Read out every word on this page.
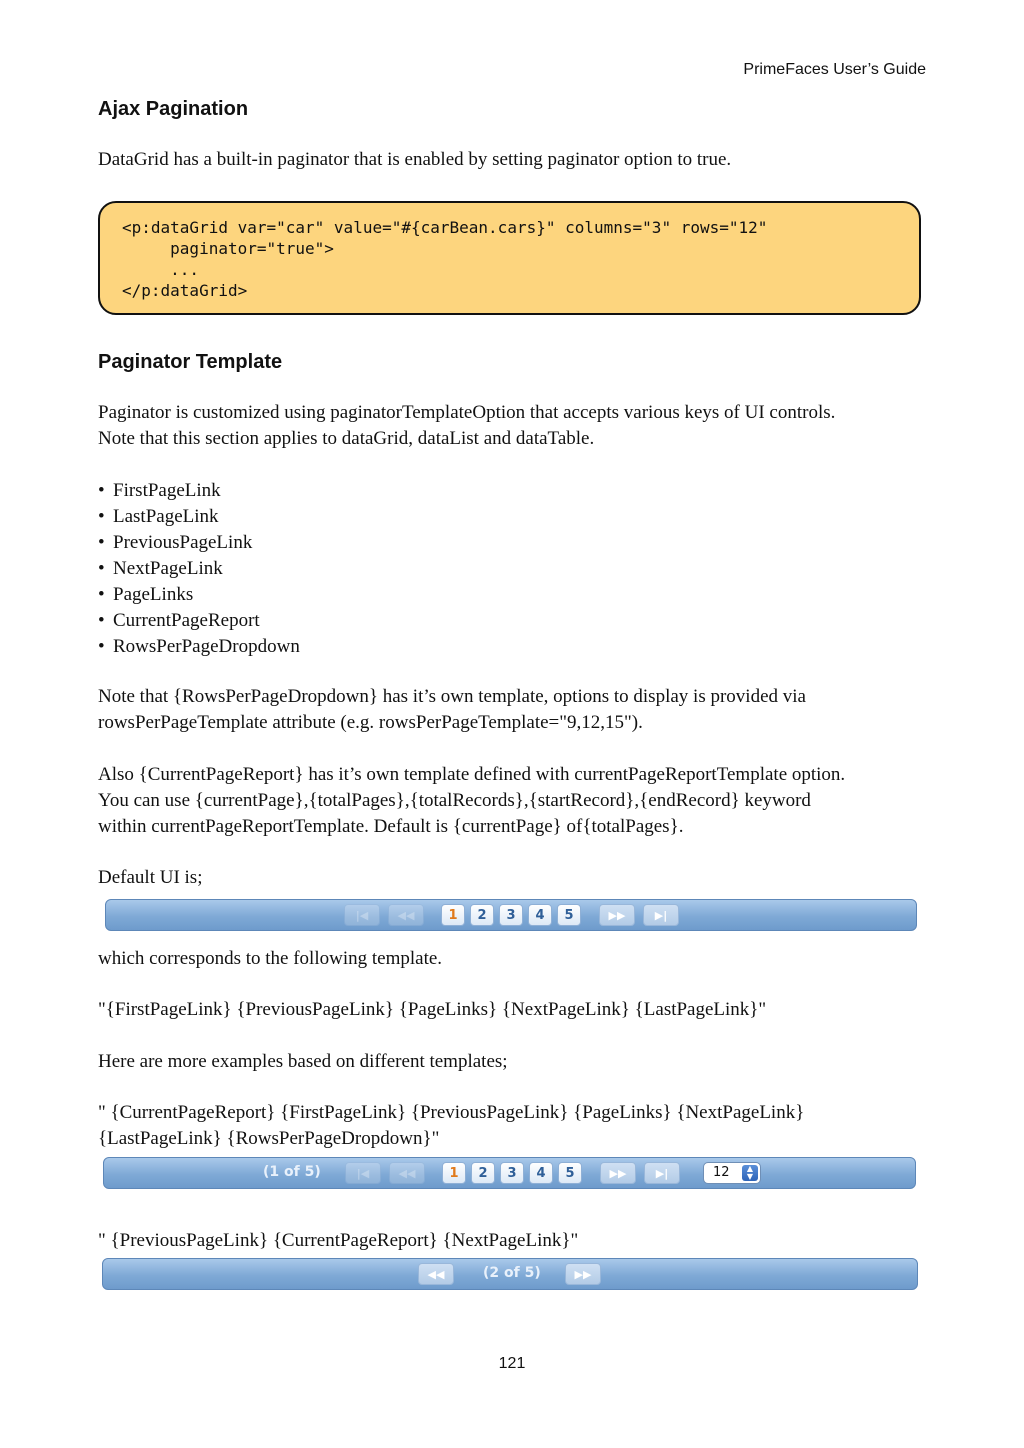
PrimeFaces User’s Guide
Ajax Pagination
DataGrid has a built-in paginator that is enabled by setting paginator option to true.
<p:dataGrid var="car" value="#{carBean.cars}" columns="3" rows="12"
paginator="true">
...
</p:dataGrid>
Paginator Template
Paginator is customized using paginatorTemplateOption that accepts various keys of UI controls.
Note that this section applies to dataGrid, dataList and dataTable.
• FirstPageLink
• LastPageLink
• PreviousPageLink
• NextPageLink
• PageLinks
• CurrentPageReport
• RowsPerPageDropdown
Note that {RowsPerPageDropdown} has it’s own template, options to display is provided via
rowsPerPageTemplate attribute (e.g. rowsPerPageTemplate="9,12,15").
Also {CurrentPageReport} has it’s own template defined with currentPageReportTemplate option.
You can use {currentPage},{totalPages},{totalRecords},{startRecord},{endRecord} keyword
within currentPageReportTemplate. Default is {currentPage} of{totalPages}.
Default UI is;
|◀	◀◀	1	2	3	4	5	▶▶	▶|
which corresponds to the following template.
"{FirstPageLink} {PreviousPageLink} {PageLinks} {NextPageLink} {LastPageLink}"
Here are more examples based on different templates;
" {CurrentPageReport} {FirstPageLink} {PreviousPageLink} {PageLinks} {NextPageLink}
{LastPageLink} {RowsPerPageDropdown}"
(1 of 5)	|◀	◀◀	1	2	3	4	5	▶▶	▶|	12	▲
▼
" {PreviousPageLink} {CurrentPageReport} {NextPageLink}"
◀◀	(2 of 5)	▶▶
121
